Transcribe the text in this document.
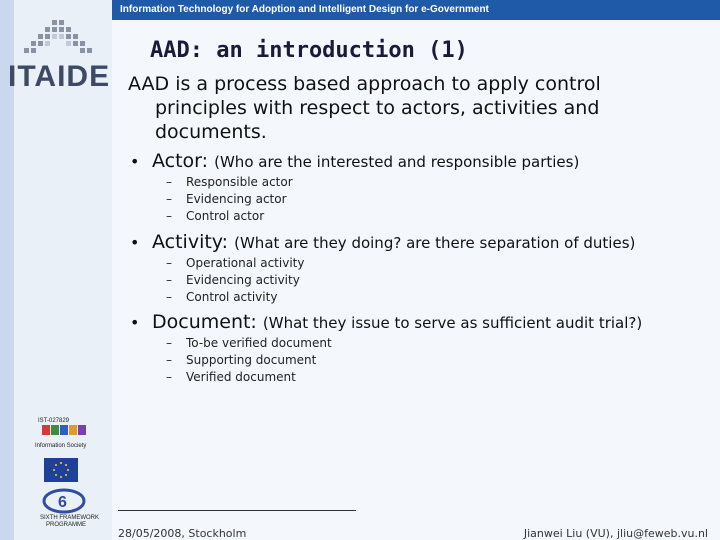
Information Technology for Adoption and Intelligent Design for e-Government
ITAIDE
IST-027829
Information Society
6
SIXTH FRAMEWORK
PROGRAMME
AAD: an introduction (1)
AAD is a process based approach to apply control
principles with respect to actors, activities and
documents.
• Actor: (Who are the interested and responsible parties)
– Responsible actor
– Evidencing actor
– Control actor
• Activity: (What are they doing? are there separation of duties)
– Operational activity
– Evidencing activity
– Control activity
• Document: (What they issue to serve as sufficient audit trial?)
– To-be verified document
– Supporting document
– Verified document
28/05/2008, Stockholm	Jianwei Liu (VU), jliu@feweb.vu.nl
